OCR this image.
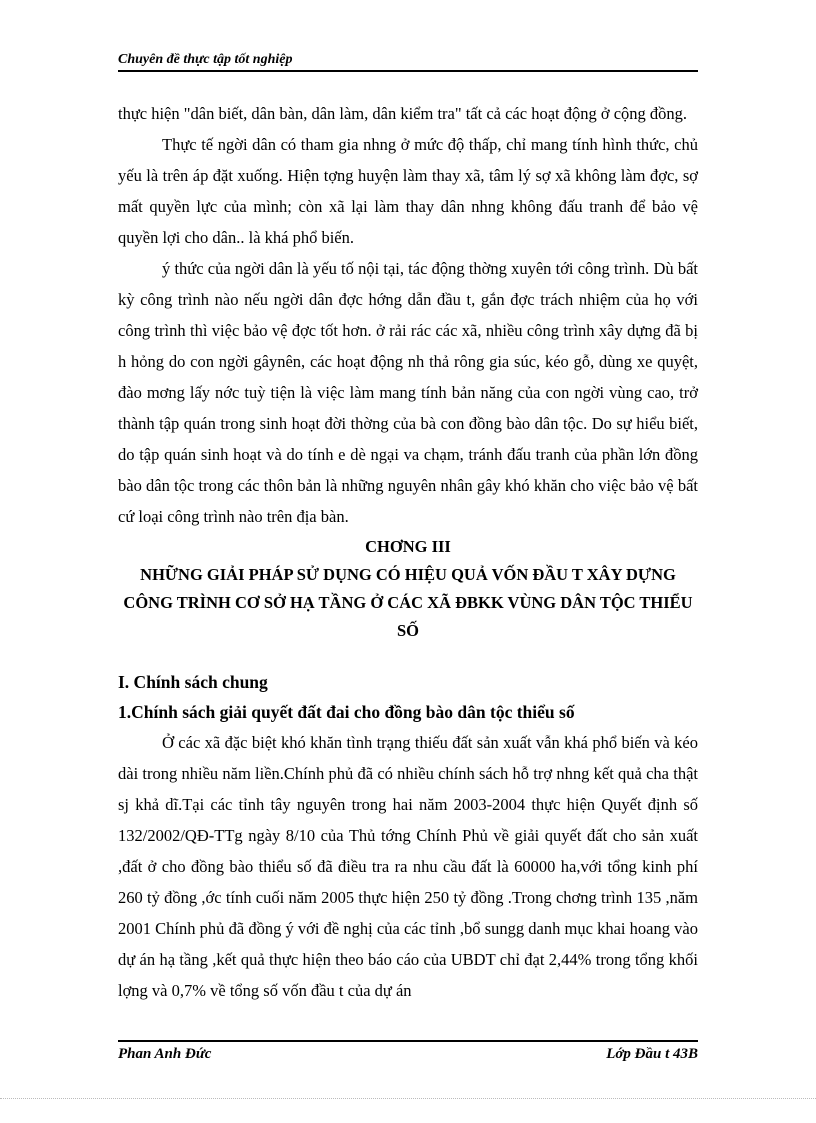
Chuyên đề thực tập tốt nghiệp

thực hiện "dân biết, dân bàn, dân làm, dân kiểm tra" tất cả các hoạt động ở cộng đồng.

Thực tế ngời dân có tham gia nhng ở mức độ thấp, chỉ mang tính hình thức, chủ yếu là trên áp đặt xuống. Hiện tợng huyện làm thay xã, tâm lý sợ xã không làm đợc, sợ mất quyền lực của mình; còn xã lại làm thay dân nhng không đấu tranh để bảo vệ quyền lợi cho dân.. là khá phổ biến.

ý thức của ngời dân là yếu tố nội tại, tác động thờng xuyên tới công trình. Dù bất kỳ công trình nào nếu ngời dân đợc hớng dẫn đầu t, gắn đợc trách nhiệm của họ với công trình thì việc bảo vệ đợc tốt hơn. ở rải rác các xã, nhiều công trình xây dựng đã bị h hỏng do con ngời gâynên, các hoạt động nh thả rông gia súc, kéo gỗ, dùng xe quyệt, đào mơng lấy nớc tuỳ tiện là việc làm mang tính bản năng của con ngời vùng cao, trở thành tập quán trong sinh hoạt đời thờng của bà con đồng bào dân tộc. Do sự hiểu biết, do tập quán sinh hoạt và do tính e dè ngại va chạm, tránh đấu tranh của phần lớn đồng bào dân tộc trong các thôn bản là những nguyên nhân gây khó khăn cho việc bảo vệ bất cứ loại công trình nào trên địa bàn.

CHƠNG III

NHỮNG GIẢI PHÁP SỬ DỤNG CÓ HIỆU QUẢ VỐN ĐẦU T XÂY DỰNG CÔNG TRÌNH CƠ SỞ HẠ TẦNG Ở CÁC XÃ ĐBKK VÙNG DÂN TỘC THIỂU SỐ

I. Chính sách chung

1.Chính sách giải quyết đất đai cho đồng bào dân tộc thiểu số

Ở các xã đặc biệt khó khăn tình trạng thiếu đất sản xuất vẫn khá phổ biến và kéo dài trong nhiều năm liền.Chính phủ đã có nhiều chính sách hỗ trợ nhng kết quả cha thật sj khả dĩ.Tại các tỉnh tây nguyên trong hai năm 2003-2004 thực hiện Quyết định số 132/2002/QĐ-TTg ngày 8/10 của Thủ tớng Chính Phủ về giải quyết đất cho sản xuất ,đất ở cho đồng bào thiểu số đã điều tra ra nhu cầu đất là 60000 ha,với tổng kinh phí 260 tỷ đồng ,ớc tính cuối năm 2005 thực hiện 250 tỷ đồng .Trong chơng trình 135 ,năm 2001 Chính phủ đã đồng ý với đề nghị của các tỉnh ,bổ sungg danh mục khai hoang vào dự án hạ tầng ,kết quả thực hiện theo báo cáo của UBDT chỉ đạt 2,44% trong tổng khối lợng và 0,7% về tổng số vốn đầu t của dự án

Phan Anh Đức	Lớp Đầu t 43B
